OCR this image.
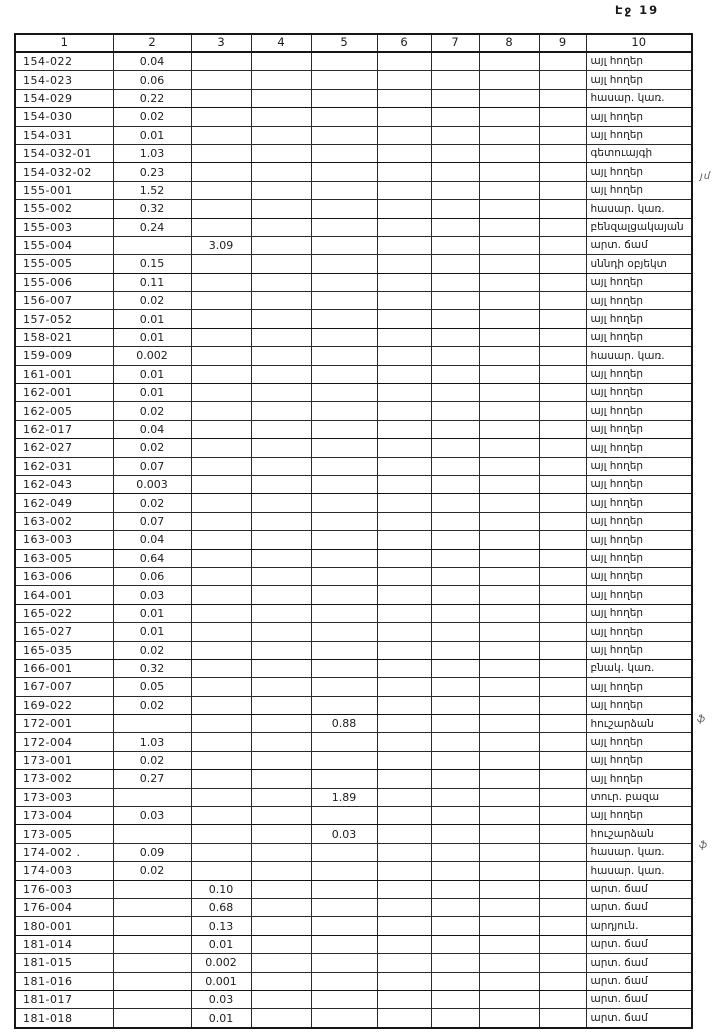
Էջ 19
1	2	3	4	5	6	7	8	9	10
154-022	0.04								այլ հողեր
154-023	0.06								այլ հողեր
154-029	0.22								հասար. կառ.
154-030	0.02								այլ հողեր
154-031	0.01								այլ հողեր
154-032-01	1.03								գետուայգի
154-032-02	0.23								այլ հողեր
155-001	1.52								այլ հողեր
155-002	0.32								հասար. կառ.
155-003	0.24								բենզալցակայան
155-004		3.09							արտ. ճամ
155-005	0.15								սննդի օբյեկտ
155-006	0.11								այլ հողեր
156-007	0.02								այլ հողեր
157-052	0.01								այլ հողեր
158-021	0.01								այլ հողեր
159-009	0.002								հասար. կառ.
161-001	0.01								այլ հողեր
162-001	0.01								այլ հողեր
162-005	0.02								այլ հողեր
162-017	0.04								այլ հողեր
162-027	0.02								այլ հողեր
162-031	0.07								այլ հողեր
162-043	0.003								այլ հողեր
162-049	0.02								այլ հողեր
163-002	0.07								այլ հողեր
163-003	0.04								այլ հողեր
163-005	0.64								այլ հողեր
163-006	0.06								այլ հողեր
164-001	0.03								այլ հողեր
165-022	0.01								այլ հողեր
165-027	0.01								այլ հողեր
165-035	0.02								այլ հողեր
166-001	0.32								բնակ. կառ.
167-007	0.05								այլ հողեր
169-022	0.02								այլ հողեր
172-001				0.88					հուշարձան
172-004	1.03								այլ հողեր
173-001	0.02								այլ հողեր
173-002	0.27								այլ հողեր
173-003				1.89					տուր. բազա
173-004	0.03								այլ հողեր
173-005				0.03					հուշարձան
174-002 .	0.09								հասար. կառ.
174-003	0.02								հասար. կառ.
176-003		0.10							արտ. ճամ
176-004		0.68							արտ. ճամ
180-001		0.13							արդյուն.
181-014		0.01							արտ. ճամ
181-015		0.002							արտ. ճամ
181-016		0.001							արտ. ճամ
181-017		0.03							արտ. ճամ
181-018		0.01							արտ. ճամ
յմ
ֆ
ֆ
